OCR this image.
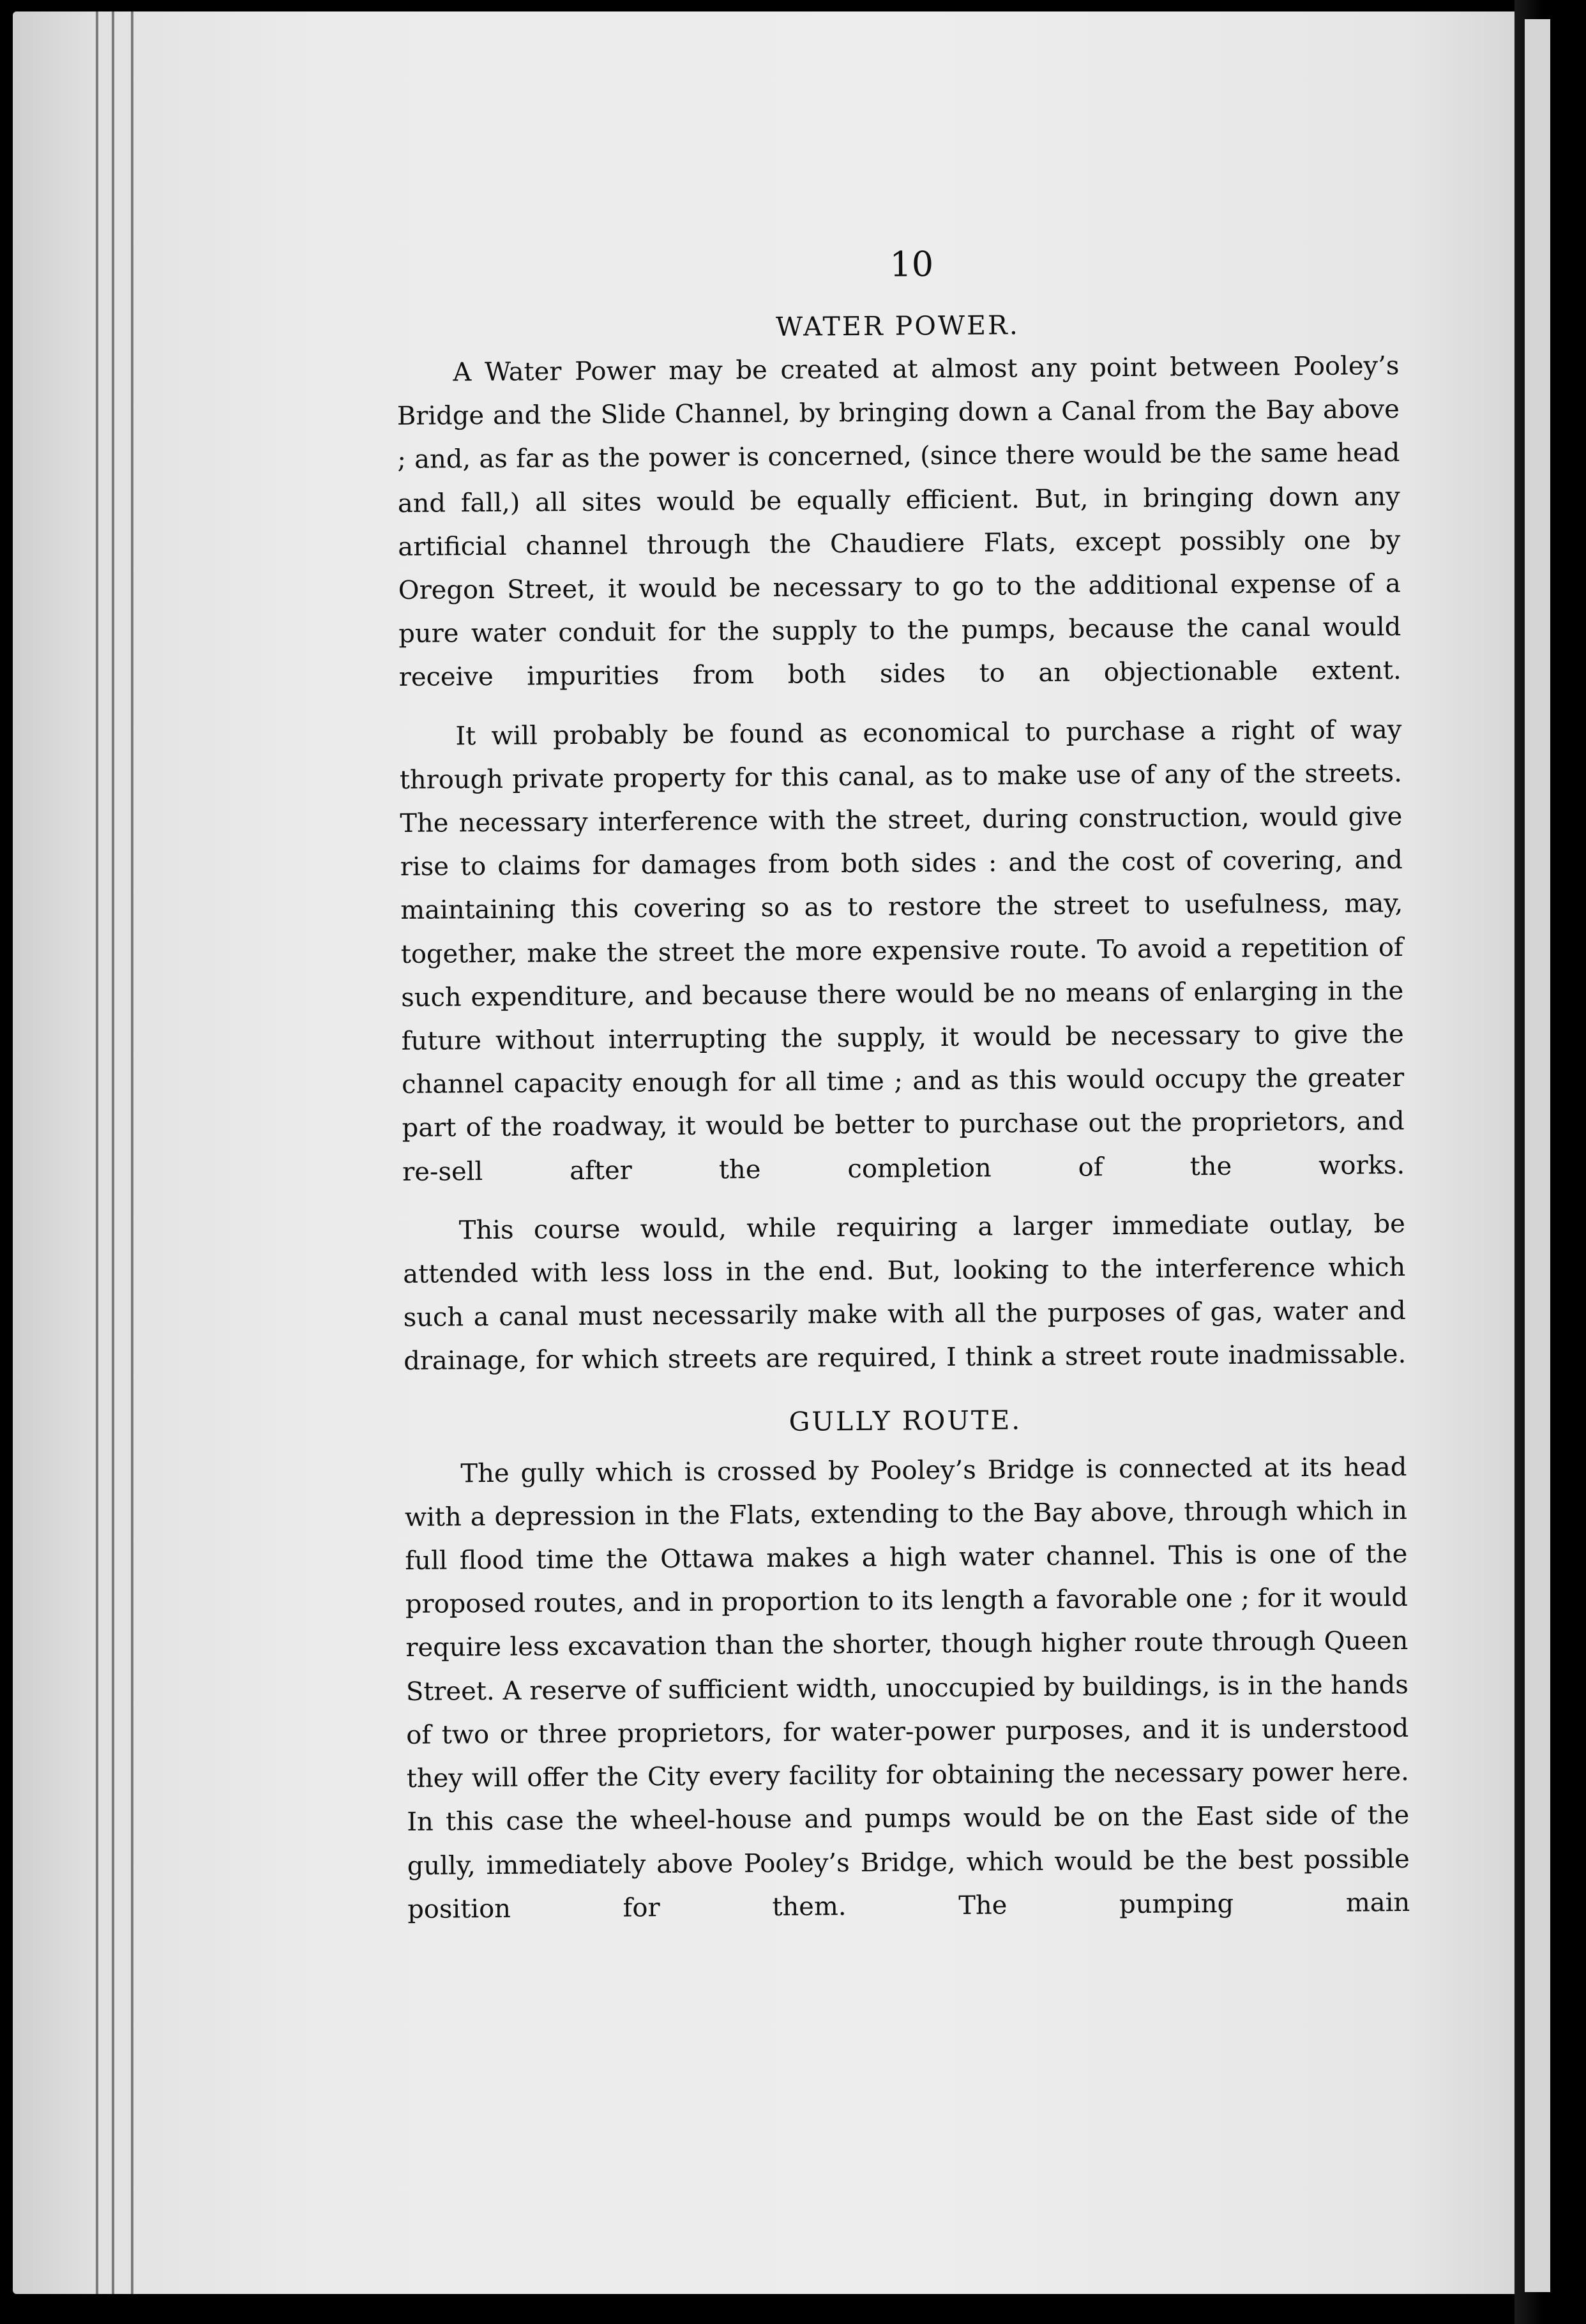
10
WATER POWER.

A Water Power may be created at almost any point between Pooley’s Bridge and the Slide Channel, by bringing down a Canal from the Bay above ; and, as far as the power is concerned, (since there would be the same head and fall,) all sites would be equally efficient. But, in bringing down any artificial channel through the Chaudiere Flats, except possibly one by Oregon Street, it would be necessary to go to the additional expense of a pure water conduit for the supply to the pumps, because the canal would receive impurities from both sides to an objectionable extent.

It will probably be found as economical to purchase a right of way through private property for this canal, as to make use of any of the streets. The necessary interference with the street, during construction, would give rise to claims for damages from both sides : and the cost of covering, and maintaining this covering so as to restore the street to usefulness, may, together, make the street the more expensive route. To avoid a repetition of such expenditure, and because there would be no means of enlarging in the future without interrupting the supply, it would be necessary to give the channel capacity enough for all time ; and as this would occupy the greater part of the roadway, it would be better to purchase out the proprietors, and re-sell after the completion of the works.

This course would, while requiring a larger immediate outlay, be attended with less loss in the end. But, looking to the interference which such a canal must necessarily make with all the purposes of gas, water and drainage, for which streets are required, I think a street route inadmissable.

GULLY ROUTE.

The gully which is crossed by Pooley’s Bridge is connected at its head with a depression in the Flats, extending to the Bay above, through which in full flood time the Ottawa makes a high water channel. This is one of the proposed routes, and in proportion to its length a favorable one ; for it would require less excavation than the shorter, though higher route through Queen Street. A reserve of sufficient width, unoccupied by buildings, is in the hands of two or three proprietors, for water-power purposes, and it is understood they will offer the City every facility for obtaining the necessary power here. In this case the wheel-house and pumps would be on the East side of the gully, immediately above Pooley’s Bridge, which would be the best possible position for them. The pumping main
